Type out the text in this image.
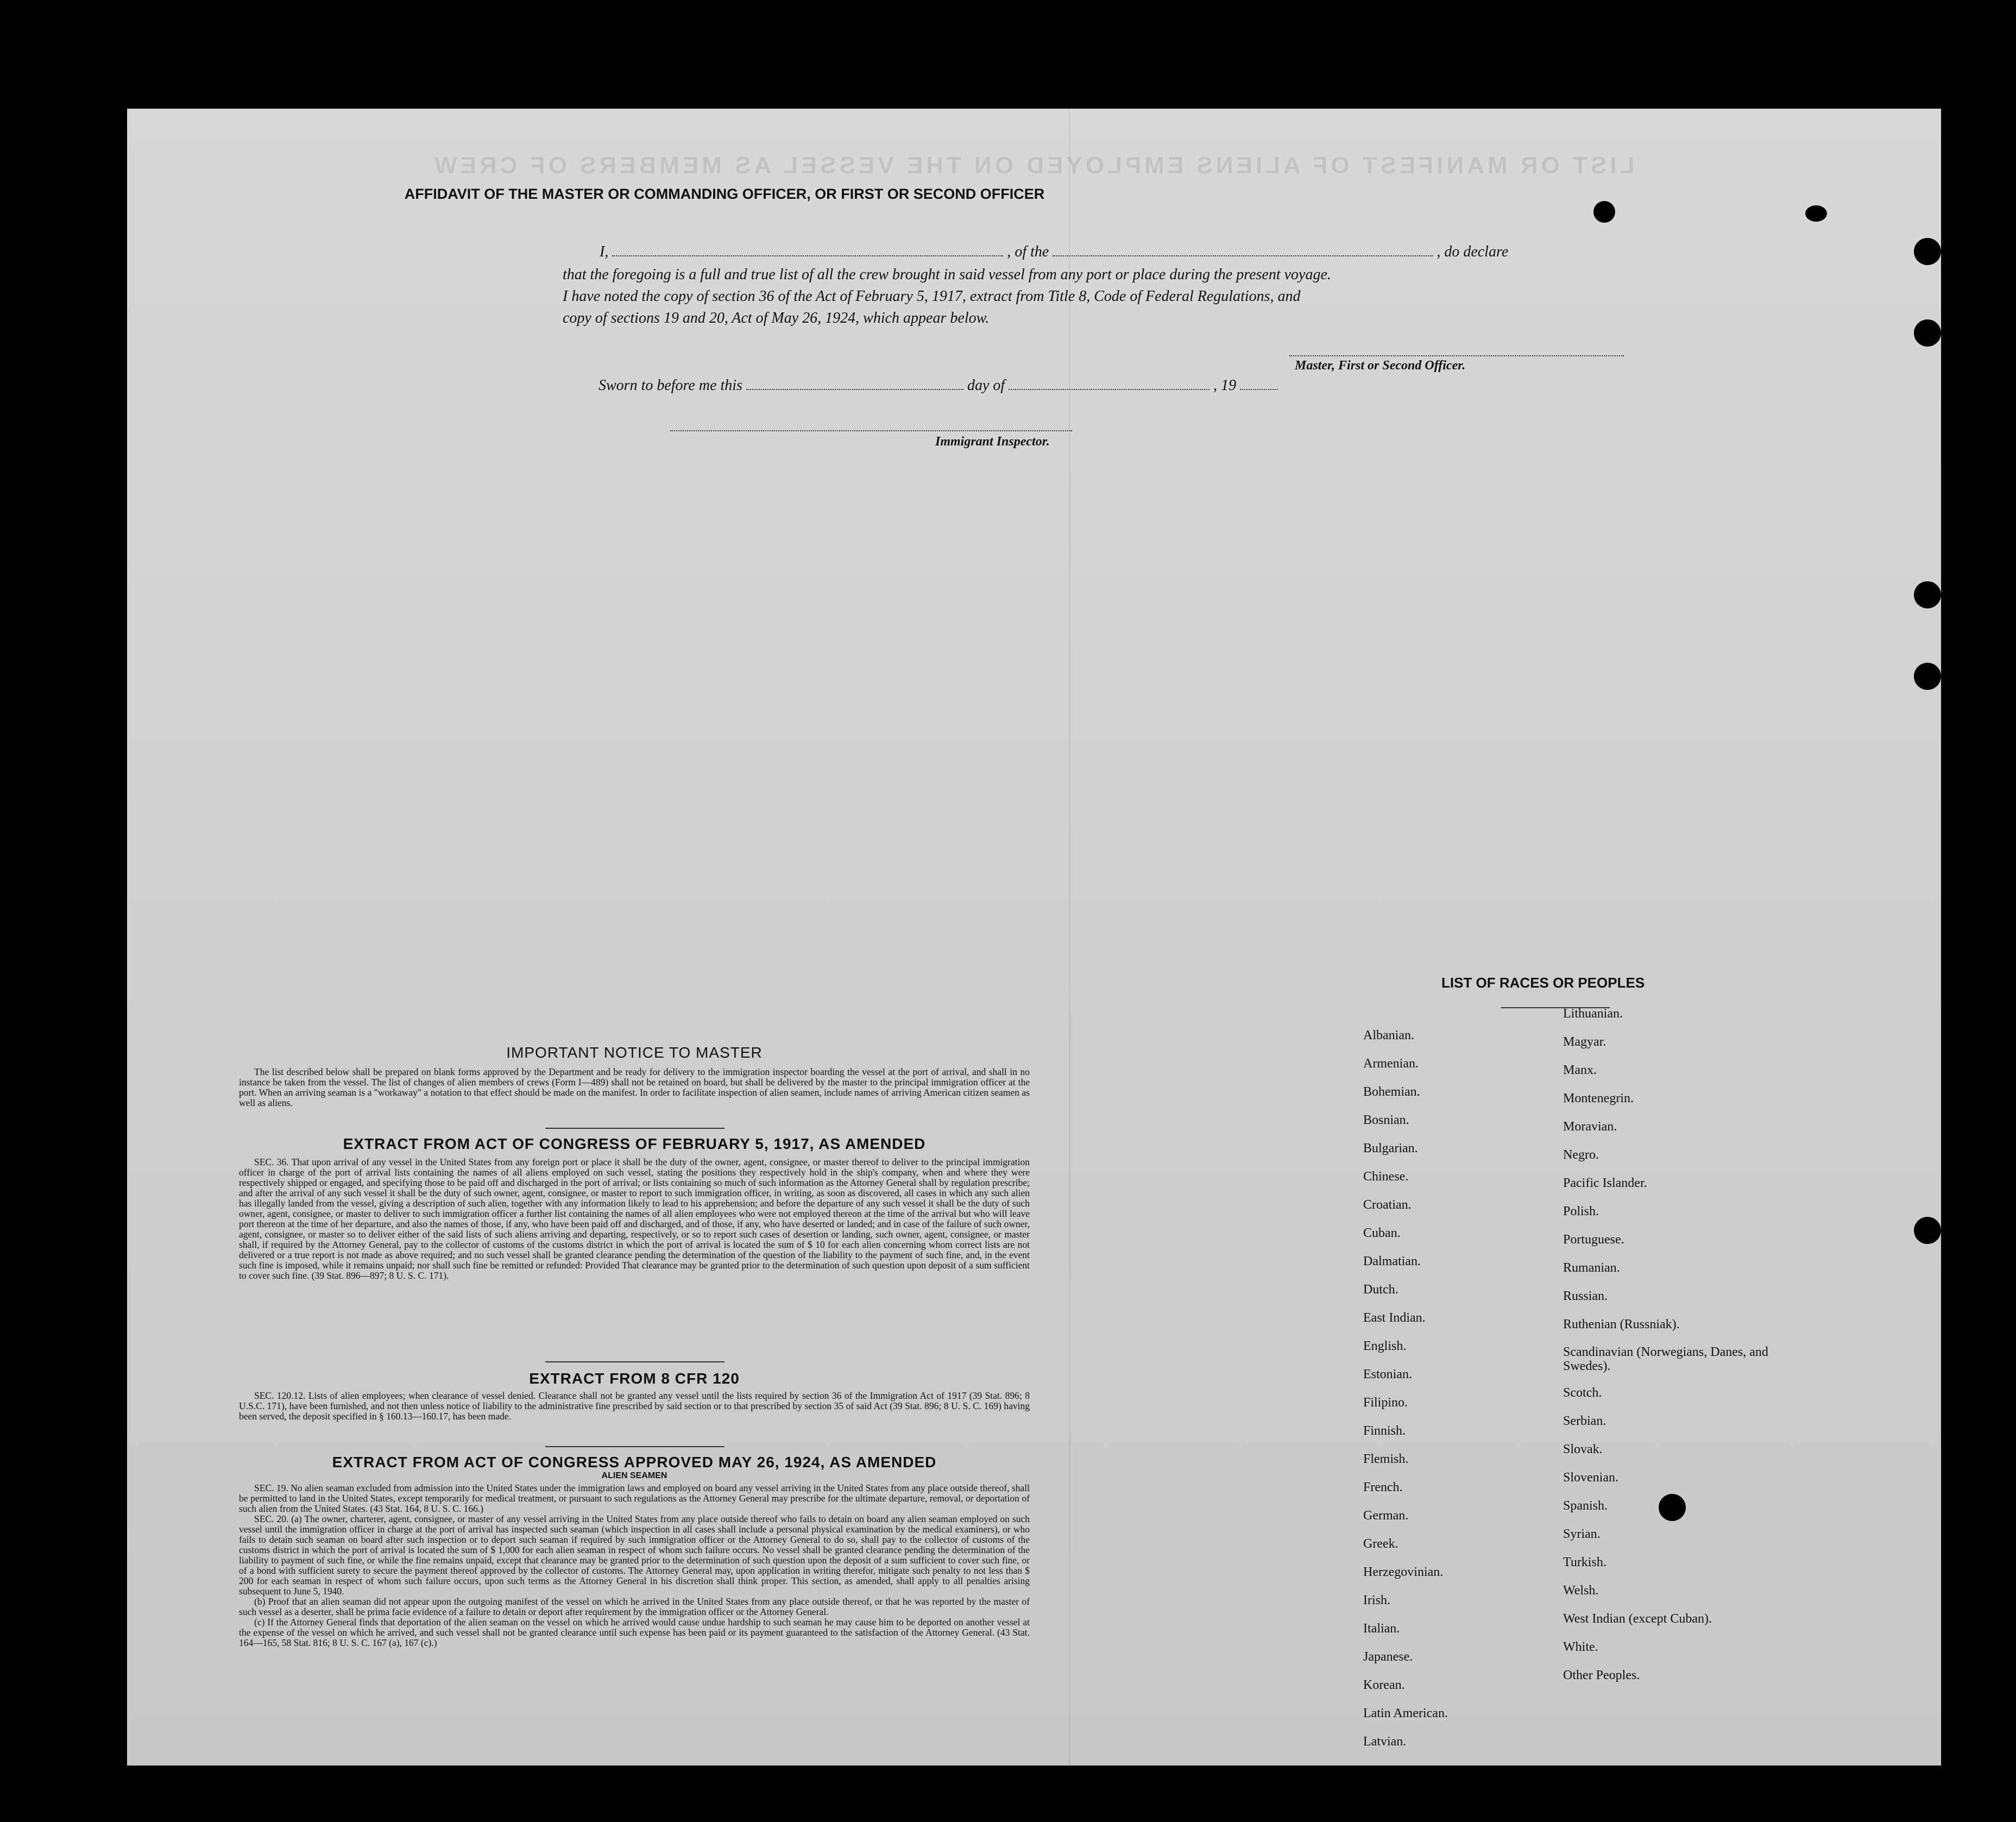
LIST OR MANIFEST OF ALIENS EMPLOYED ON THE VESSEL AS MEMBERS OF CREW
AFFIDAVIT OF THE MASTER OR COMMANDING OFFICER, OR FIRST OR SECOND OFFICER
I,	, of the	, do declare
that the foregoing is a full and true list of all the crew brought in said vessel from any port or place during the present voyage.
I have noted the copy of section 36 of the Act of February 5, 1917, extract from Title 8, Code of Federal Regulations, and
copy of sections 19 and 20, Act of May 26, 1924, which appear below.
Master, First or Second Officer.
Sworn to before me this	day of	, 19
Immigrant Inspector.
IMPORTANT NOTICE TO MASTER

The list described below shall be prepared on blank forms approved by the Department and be ready for delivery to the immigration inspector boarding the vessel at the port of arrival, and shall in no instance be taken from the vessel. The list of changes of alien members of crews (Form I—489) shall not be retained on board, but shall be delivered by the master to the principal immigration officer at the port. When an arriving seaman is a "workaway" a notation to that effect should be made on the manifest. In order to facilitate inspection of alien seamen, include names of arriving American citizen seamen as well as aliens.

EXTRACT FROM ACT OF CONGRESS OF FEBRUARY 5, 1917, AS AMENDED

SEC. 36. That upon arrival of any vessel in the United States from any foreign port or place it shall be the duty of the owner, agent, consignee, or master thereof to deliver to the principal immigration officer in charge of the port of arrival lists containing the names of all aliens employed on such vessel, stating the positions they respectively hold in the ship's company, when and where they were respectively shipped or engaged, and specifying those to be paid off and discharged in the port of arrival; or lists containing so much of such information as the Attorney General shall by regulation prescribe; and after the arrival of any such vessel it shall be the duty of such owner, agent, consignee, or master to report to such immigration officer, in writing, as soon as discovered, all cases in which any such alien has illegally landed from the vessel, giving a description of such alien, together with any information likely to lead to his apprehension; and before the departure of any such vessel it shall be the duty of such owner, agent, consignee, or master to deliver to such immigration officer a further list containing the names of all alien employees who were not employed thereon at the time of the arrival but who will leave port thereon at the time of her departure, and also the names of those, if any, who have been paid off and discharged, and of those, if any, who have deserted or landed; and in case of the failure of such owner, agent, consignee, or master so to deliver either of the said lists of such aliens arriving and departing, respectively, or so to report such cases of desertion or landing, such owner, agent, consignee, or master shall, if required by the Attorney General, pay to the collector of customs of the customs district in which the port of arrival is located the sum of $ 10 for each alien concerning whom correct lists are not delivered or a true report is not made as above required; and no such vessel shall be granted clearance pending the determination of the question of the liability to the payment of such fine, and, in the event such fine is imposed, while it remains unpaid; nor shall such fine be remitted or refunded: Provided That clearance may be granted prior to the determination of such question upon deposit of a sum sufficient to cover such fine. (39 Stat. 896—897; 8 U. S. C. 171).

EXTRACT FROM 8 CFR 120

SEC. 120.12. Lists of alien employees; when clearance of vessel denied. Clearance shall not be granted any vessel until the lists required by section 36 of the Immigration Act of 1917 (39 Stat. 896; 8 U.S.C. 171), have been furnished, and not then unless notice of liability to the administrative fine prescribed by said section or to that prescribed by section 35 of said Act (39 Stat. 896; 8 U. S. C. 169) having been served, the deposit specified in § 160.13—160.17, has been made.

EXTRACT FROM ACT OF CONGRESS APPROVED MAY 26, 1924, AS AMENDED
ALIEN SEAMEN

SEC. 19. No alien seaman excluded from admission into the United States under the immigration laws and employed on board any vessel arriving in the United States from any place outside thereof, shall be permitted to land in the United States, except temporarily for medical treatment, or pursuant to such regulations as the Attorney General may prescribe for the ultimate departure, removal, or deportation of such alien from the United States. (43 Stat. 164, 8 U. S. C. 166.)

SEC. 20. (a) The owner, charterer, agent, consignee, or master of any vessel arriving in the United States from any place outside thereof who fails to detain on board any alien seaman employed on such vessel until the immigration officer in charge at the port of arrival has inspected such seaman (which inspection in all cases shall include a personal physical examination by the medical examiners), or who fails to detain such seaman on board after such inspection or to deport such seaman if required by such immigration officer or the Attorney General to do so, shall pay to the collector of customs of the customs district in which the port of arrival is located the sum of $ 1,000 for each alien seaman in respect of whom such failure occurs. No vessel shall be granted clearance pending the determination of the liability to payment of such fine, or while the fine remains unpaid, except that clearance may be granted prior to the determination of such question upon the deposit of a sum sufficient to cover such fine, or of a bond with sufficient surety to secure the payment thereof approved by the collector of customs. The Attorney General may, upon application in writing therefor, mitigate such penalty to not less than $ 200 for each seaman in respect of whom such failure occurs, upon such terms as the Attorney General in his discretion shall think proper. This section, as amended, shall apply to all penalties arising subsequent to June 5, 1940.

(b) Proof that an alien seaman did not appear upon the outgoing manifest of the vessel on which he arrived in the United States from any place outside thereof, or that he was reported by the master of such vessel as a deserter, shall be prima facie evidence of a failure to detain or deport after requirement by the immigration officer or the Attorney General.

(c) If the Attorney General finds that deportation of the alien seaman on the vessel on which he arrived would cause undue hardship to such seaman he may cause him to be deported on another vessel at the expense of the vessel on which he arrived, and such vessel shall not be granted clearance until such expense has been paid or its payment guaranteed to the satisfaction of the Attorney General. (43 Stat. 164—165, 58 Stat. 816; 8 U. S. C. 167 (a), 167 (c).)

LIST OF RACES OR PEOPLES
Albanian.
Armenian.
Bohemian.
Bosnian.
Bulgarian.
Chinese.
Croatian.
Cuban.
Dalmatian.
Dutch.
East Indian.
English.
Estonian.
Filipino.
Finnish.
Flemish.
French.
German.
Greek.
Herzegovinian.
Irish.
Italian.
Japanese.
Korean.
Latin American.
Latvian.
Lithuanian.
Magyar.
Manx.
Montenegrin.
Moravian.
Negro.
Pacific Islander.
Polish.
Portuguese.
Rumanian.
Russian.
Ruthenian (Russniak).
Scandinavian (Norwegians, Danes, and Swedes).
Scotch.
Serbian.
Slovak.
Slovenian.
Spanish.
Syrian.
Turkish.
Welsh.
West Indian (except Cuban).
White.
Other Peoples.
